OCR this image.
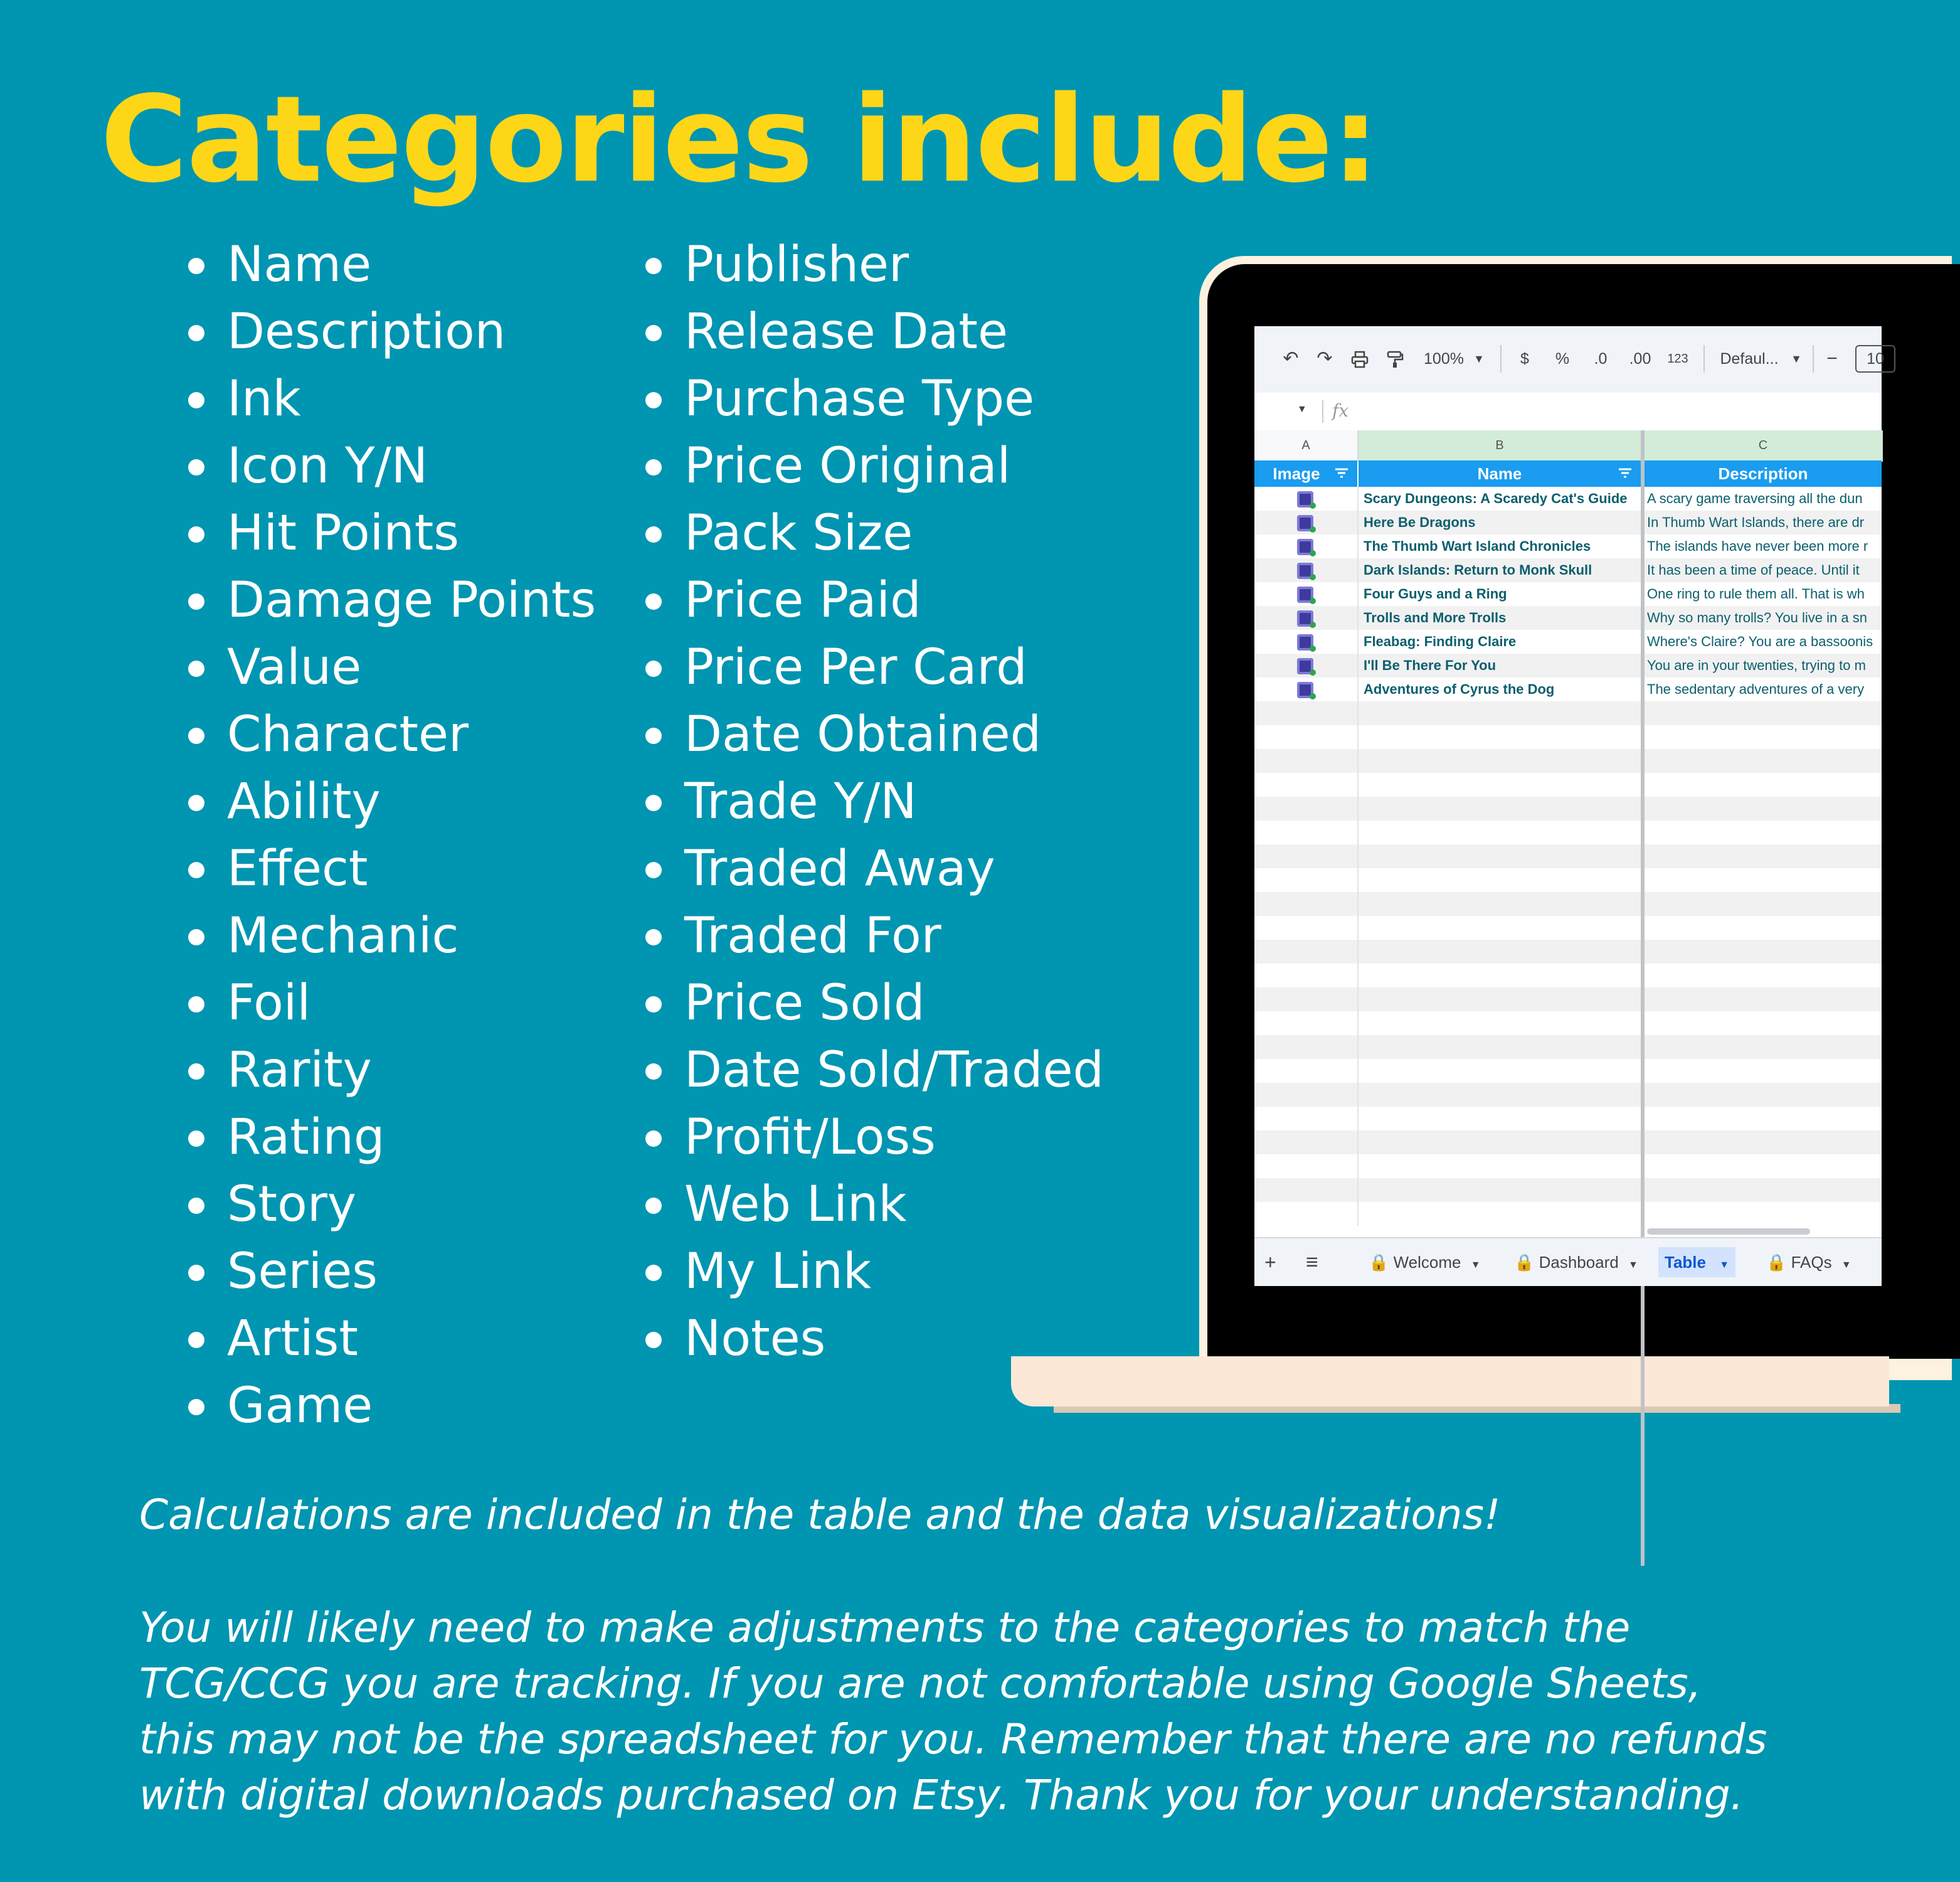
Categories include:
Name
Description
Ink
Icon Y/N
Hit Points
Damage Points
Value
Character
Ability
Effect
Mechanic
Foil
Rarity
Rating
Story
Series
Artist
Game
Publisher
Release Date
Purchase Type
Price Original
Pack Size
Price Paid
Price Per Card
Date Obtained
Trade Y/N
Traded Away
Traded For
Price Sold
Date Sold/Traded
Profit/Loss
Web Link
My Link
Notes
↶ ↷	100% ▼	$	%	.0	.00	123	Defaul...	▼ −	10
▼ fx
A	B	C
Image	Name	Description
Scary Dungeons: A Scaredy Cat's Guide	A scary game traversing all the dun
Here Be Dragons	In Thumb Wart Islands, there are dr
The Thumb Wart Island Chronicles	The islands have never been more r
Dark Islands: Return to Monk Skull	It has been a time of peace. Until it
Four Guys and a Ring	One ring to rule them all. That is wh
Trolls and More Trolls	Why so many trolls? You live in a sn
Fleabag: Finding Claire	Where's Claire? You are a bassoonis
I'll Be There For You	You are in your twenties, trying to m
Adventures of Cyrus the Dog	The sedentary adventures of a very
+ ≡	🔒 Welcome ▼	🔒 Dashboard ▼	Table ▼	🔒 FAQs ▼

Calculations are included in the table and the data visualizations!

You will likely need to make adjustments to the categories to match the
TCG/CCG you are tracking. If you are not comfortable using Google Sheets,
this may not be the spreadsheet for you. Remember that there are no refunds
with digital downloads purchased on Etsy. Thank you for your understanding.
